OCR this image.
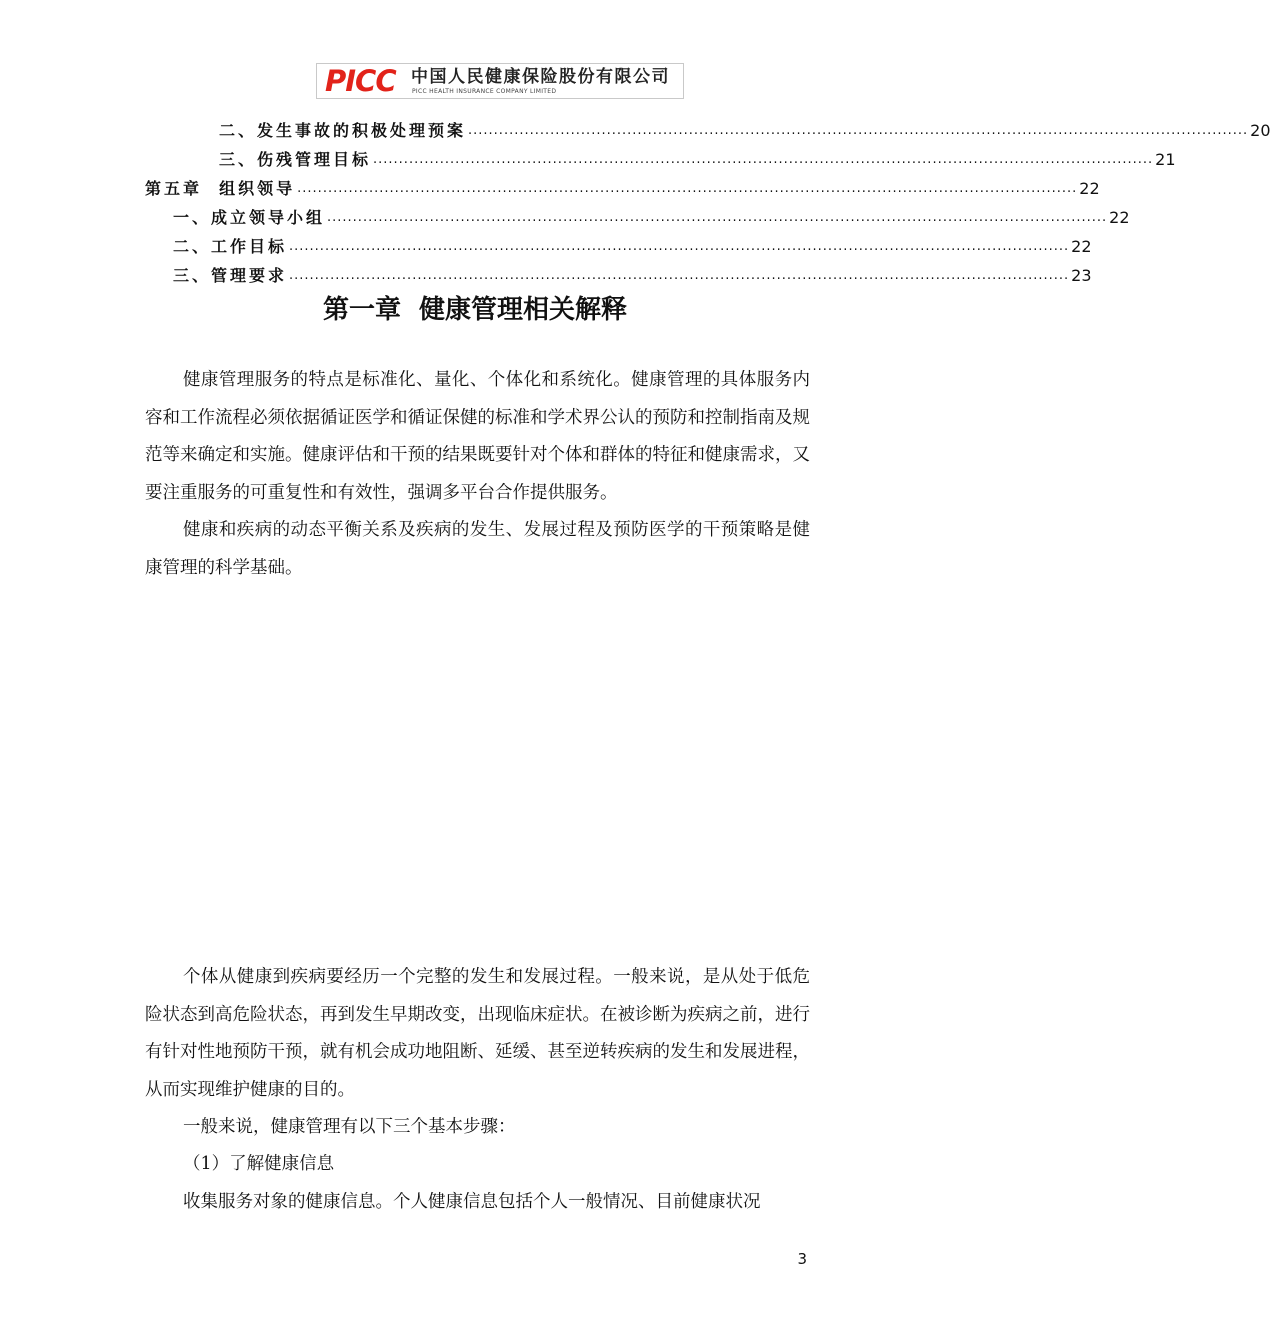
PICC 中国人民健康保险股份有限公司
PICC HEALTH INSURANCE COMPANY LIMITED
二、发生事故的积极处理预案 ........................................................................................................................................................ 20
三、伤残管理目标 ........................................................................................................................................................ 21
第五章  组织领导 ........................................................................................................................................................ 22
一、成立领导小组 ........................................................................................................................................................ 22
二、工作目标 ........................................................................................................................................................ 22
三、管理要求 ........................................................................................................................................................ 23
第一章  健康管理相关解释

健康管理服务的特点是标准化、量化、个体化和系统化。健康管理的具体服务内容和工作流程必须依据循证医学和循证保健的标准和学术界公认的预防和控制指南及规范等来确定和实施。健康评估和干预的结果既要针对个体和群体的特征和健康需求，又要注重服务的可重复性和有效性，强调多平台合作提供服务。

健康和疾病的动态平衡关系及疾病的发生、发展过程及预防医学的干预策略是健康管理的科学基础。

个体从健康到疾病要经历一个完整的发生和发展过程。一般来说，是从处于低危险状态到高危险状态，再到发生早期改变，出现临床症状。在被诊断为疾病之前，进行有针对性地预防干预，就有机会成功地阻断、延缓、甚至逆转疾病的发生和发展进程，从而实现维护健康的目的。

一般来说，健康管理有以下三个基本步骤：

（1）了解健康信息

收集服务对象的健康信息。个人健康信息包括个人一般情况、目前健康状况

3
